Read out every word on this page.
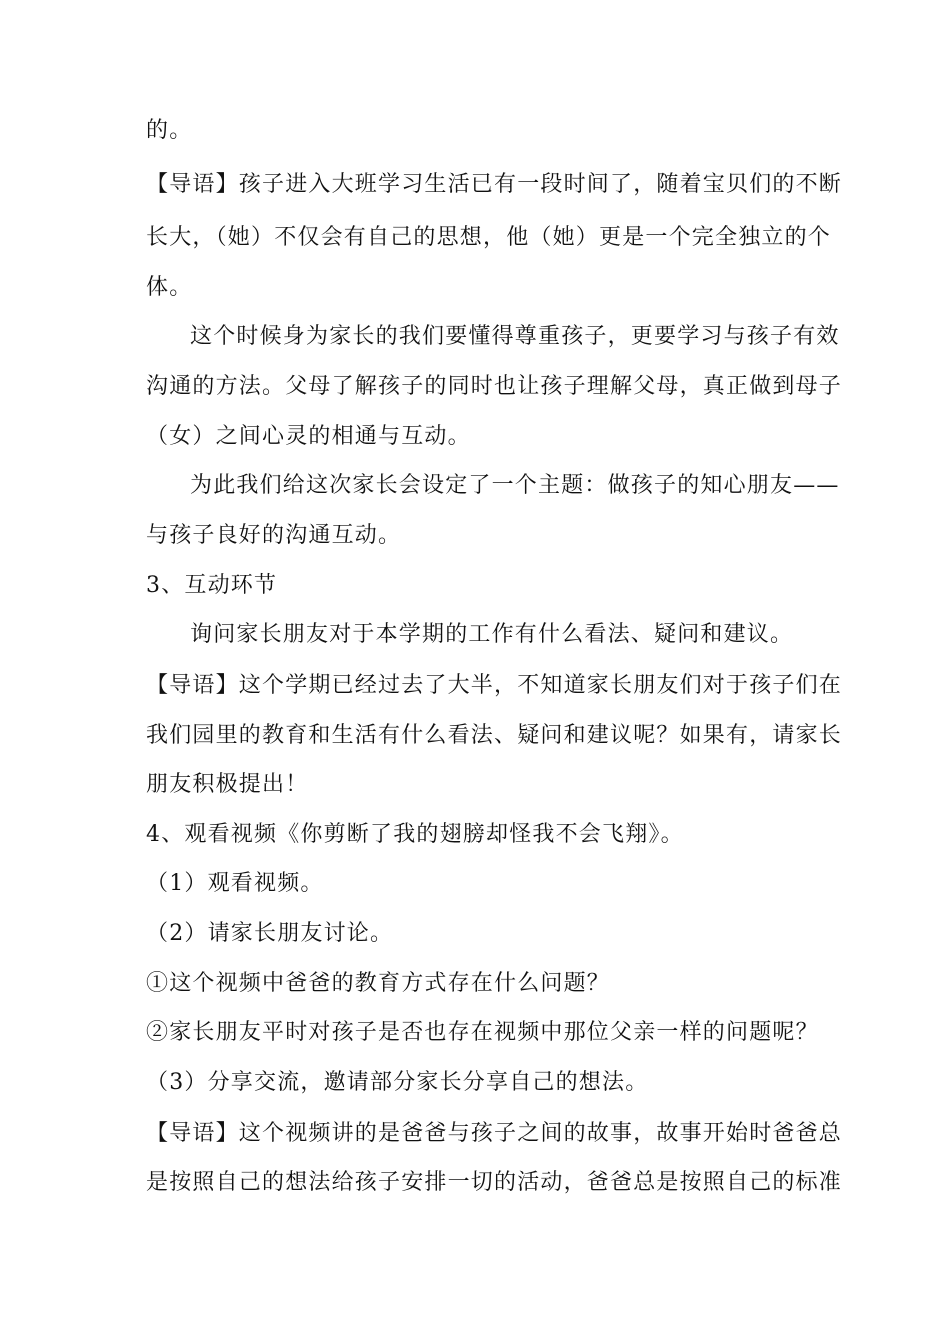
的。
【导语】孩子进入大班学习生活已有一段时间了，随着宝贝们的不断
长大，（她）不仅会有自己的思想，他（她）更是一个完全独立的个
体。
这个时候身为家长的我们要懂得尊重孩子，更要学习与孩子有效
沟通的方法。父母了解孩子的同时也让孩子理解父母，真正做到母子
（女）之间心灵的相通与互动。
为此我们给这次家长会设定了一个主题：做孩子的知心朋友——
与孩子良好的沟通互动。
3、互动环节
询问家长朋友对于本学期的工作有什么看法、疑问和建议。
【导语】这个学期已经过去了大半，不知道家长朋友们对于孩子们在
我们园里的教育和生活有什么看法、疑问和建议呢？如果有，请家长
朋友积极提出！
4、观看视频《你剪断了我的翅膀却怪我不会飞翔》。
（1）观看视频。
（2）请家长朋友讨论。
①这个视频中爸爸的教育方式存在什么问题？
②家长朋友平时对孩子是否也存在视频中那位父亲一样的问题呢？
（3）分享交流，邀请部分家长分享自己的想法。
【导语】这个视频讲的是爸爸与孩子之间的故事，故事开始时爸爸总
是按照自己的想法给孩子安排一切的活动，爸爸总是按照自己的标准
